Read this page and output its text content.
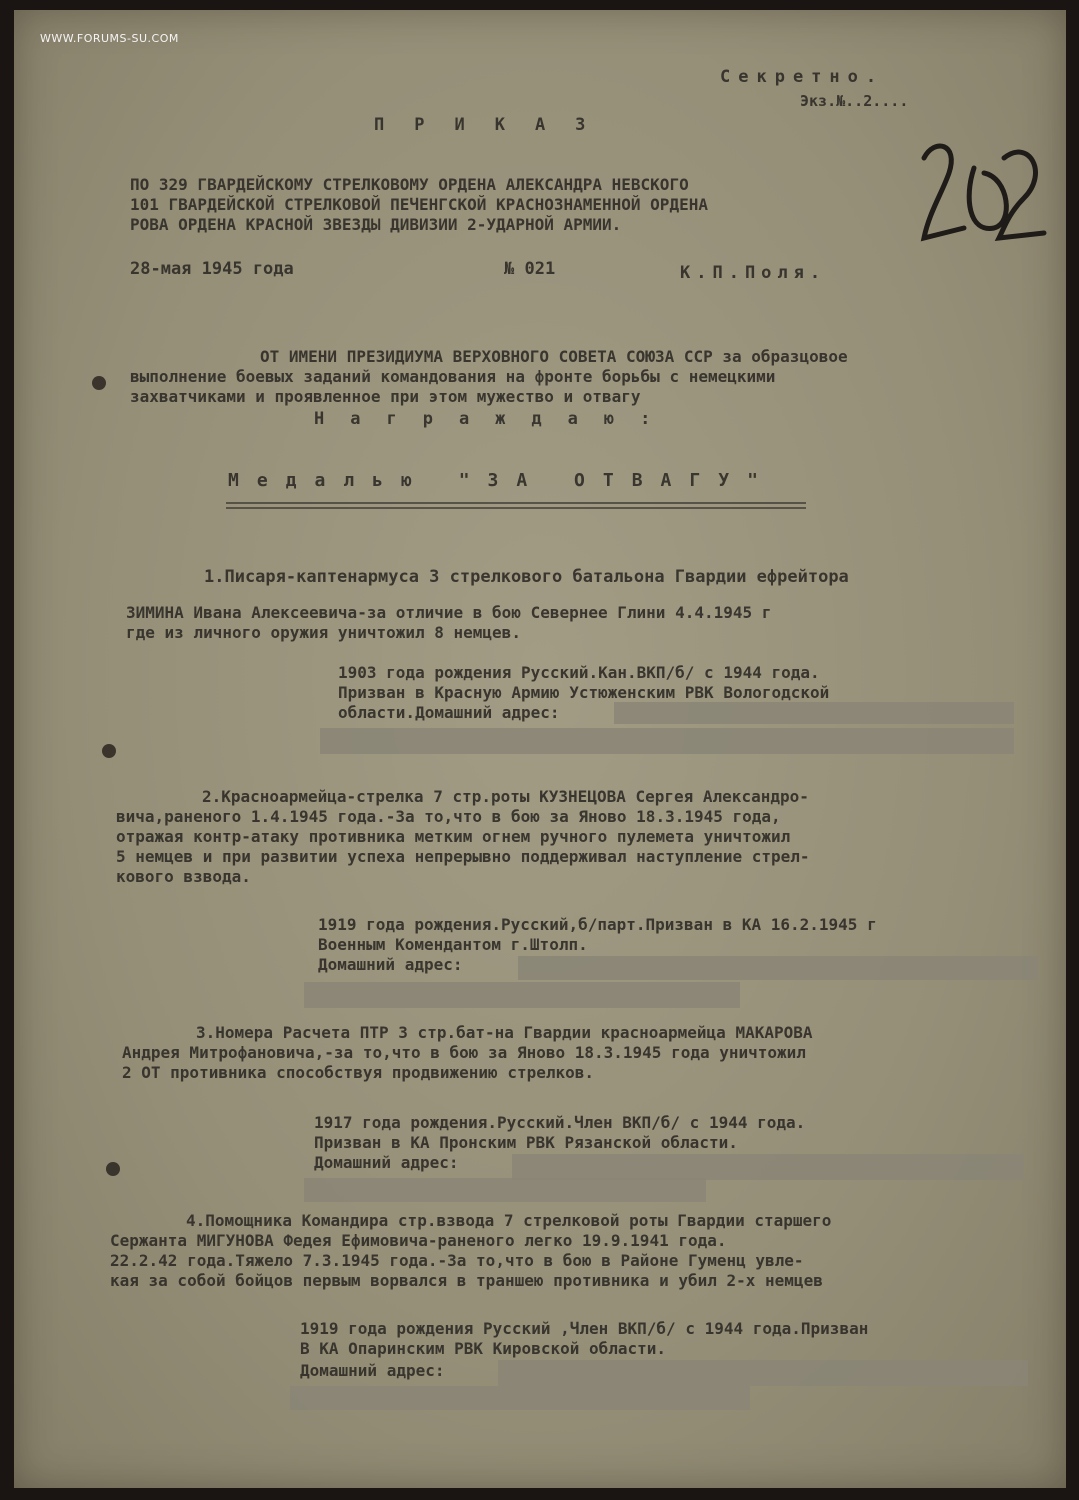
WWW.FORUMS-SU.COM
Секретно.
Экз.№..2....
ПРИКАЗ
ПО 329 ГВАРДЕЙСКОМУ СТРЕЛКОВОМУ ОРДЕНА АЛЕКСАНДРА НЕВСКОГО
101 ГВАРДЕЙСКОЙ СТРЕЛКОВОЙ ПЕЧЕНГСКОЙ КРАСНОЗНАМЕННОЙ ОРДЕНА
РОВА ОРДЕНА КРАСНОЙ ЗВЕЗДЫ ДИВИЗИИ 2-УДАРНОЙ АРМИИ.
28-мая 1945 года	№ 021	К.П.Поля.
ОТ ИМЕНИ ПРЕЗИДИУМА ВЕРХОВНОГО СОВЕТА СОЮЗА ССР за образцовое
выполнение боевых заданий командования на фронте борьбы с немецкими
захватчиками и проявленное при этом мужество и отвагу
Награждаю:
Медалью "ЗА ОТВАГУ"
1.Писаря-каптенармуса 3 стрелкового батальона Гвардии ефрейтора
ЗИМИНА Ивана Алексеевича-за отличие в бою Севернее Глини 4.4.1945 г
где из личного оружия уничтожил 8 немцев.
1903 года рождения Русский.Кан.ВКП/б/ с 1944 года.
Призван в Красную Армию Устюженским РВК Вологодской
области.Домашний адрес:
2.Красноармейца-стрелка 7 стр.роты КУЗНЕЦОВА Сергея Александро-
вича,раненого 1.4.1945 года.-За то,что в бою за Яново 18.3.1945 года,
отражая контр-атаку противника метким огнем ручного пулемета уничтожил
5 немцев и при развитии успеха непрерывно поддерживал наступление стрел-
кового взвода.
1919 года рождения.Русский,б/парт.Призван в КА 16.2.1945 г
Военным Комендантом г.Штолп.
Домашний адрес:
3.Номера Расчета ПТР 3 стр.бат-на Гвардии красноармейца МАКАРОВА
Андрея Митрофановича,-за то,что в бою за Яново 18.3.1945 года уничтожил
2 ОТ противника способствуя продвижению стрелков.
1917 года рождения.Русский.Член ВКП/б/ с 1944 года.
Призван в КА Пронским РВК Рязанской области.
Домашний адрес:
4.Помощника Командира стр.взвода 7 стрелковой роты Гвардии старшего
Сержанта МИГУНОВА Федея Ефимовича-раненого легко 19.9.1941 года.
22.2.42 года.Тяжело 7.3.1945 года.-За то,что в бою в Районе Гуменц увле-
кая за собой бойцов первым ворвался в траншею противника и убил 2-х немцев
1919 года рождения Русский ,Член ВКП/б/ с 1944 года.Призван
В КА Опаринским РВК Кировской области.
Домашний адрес:
